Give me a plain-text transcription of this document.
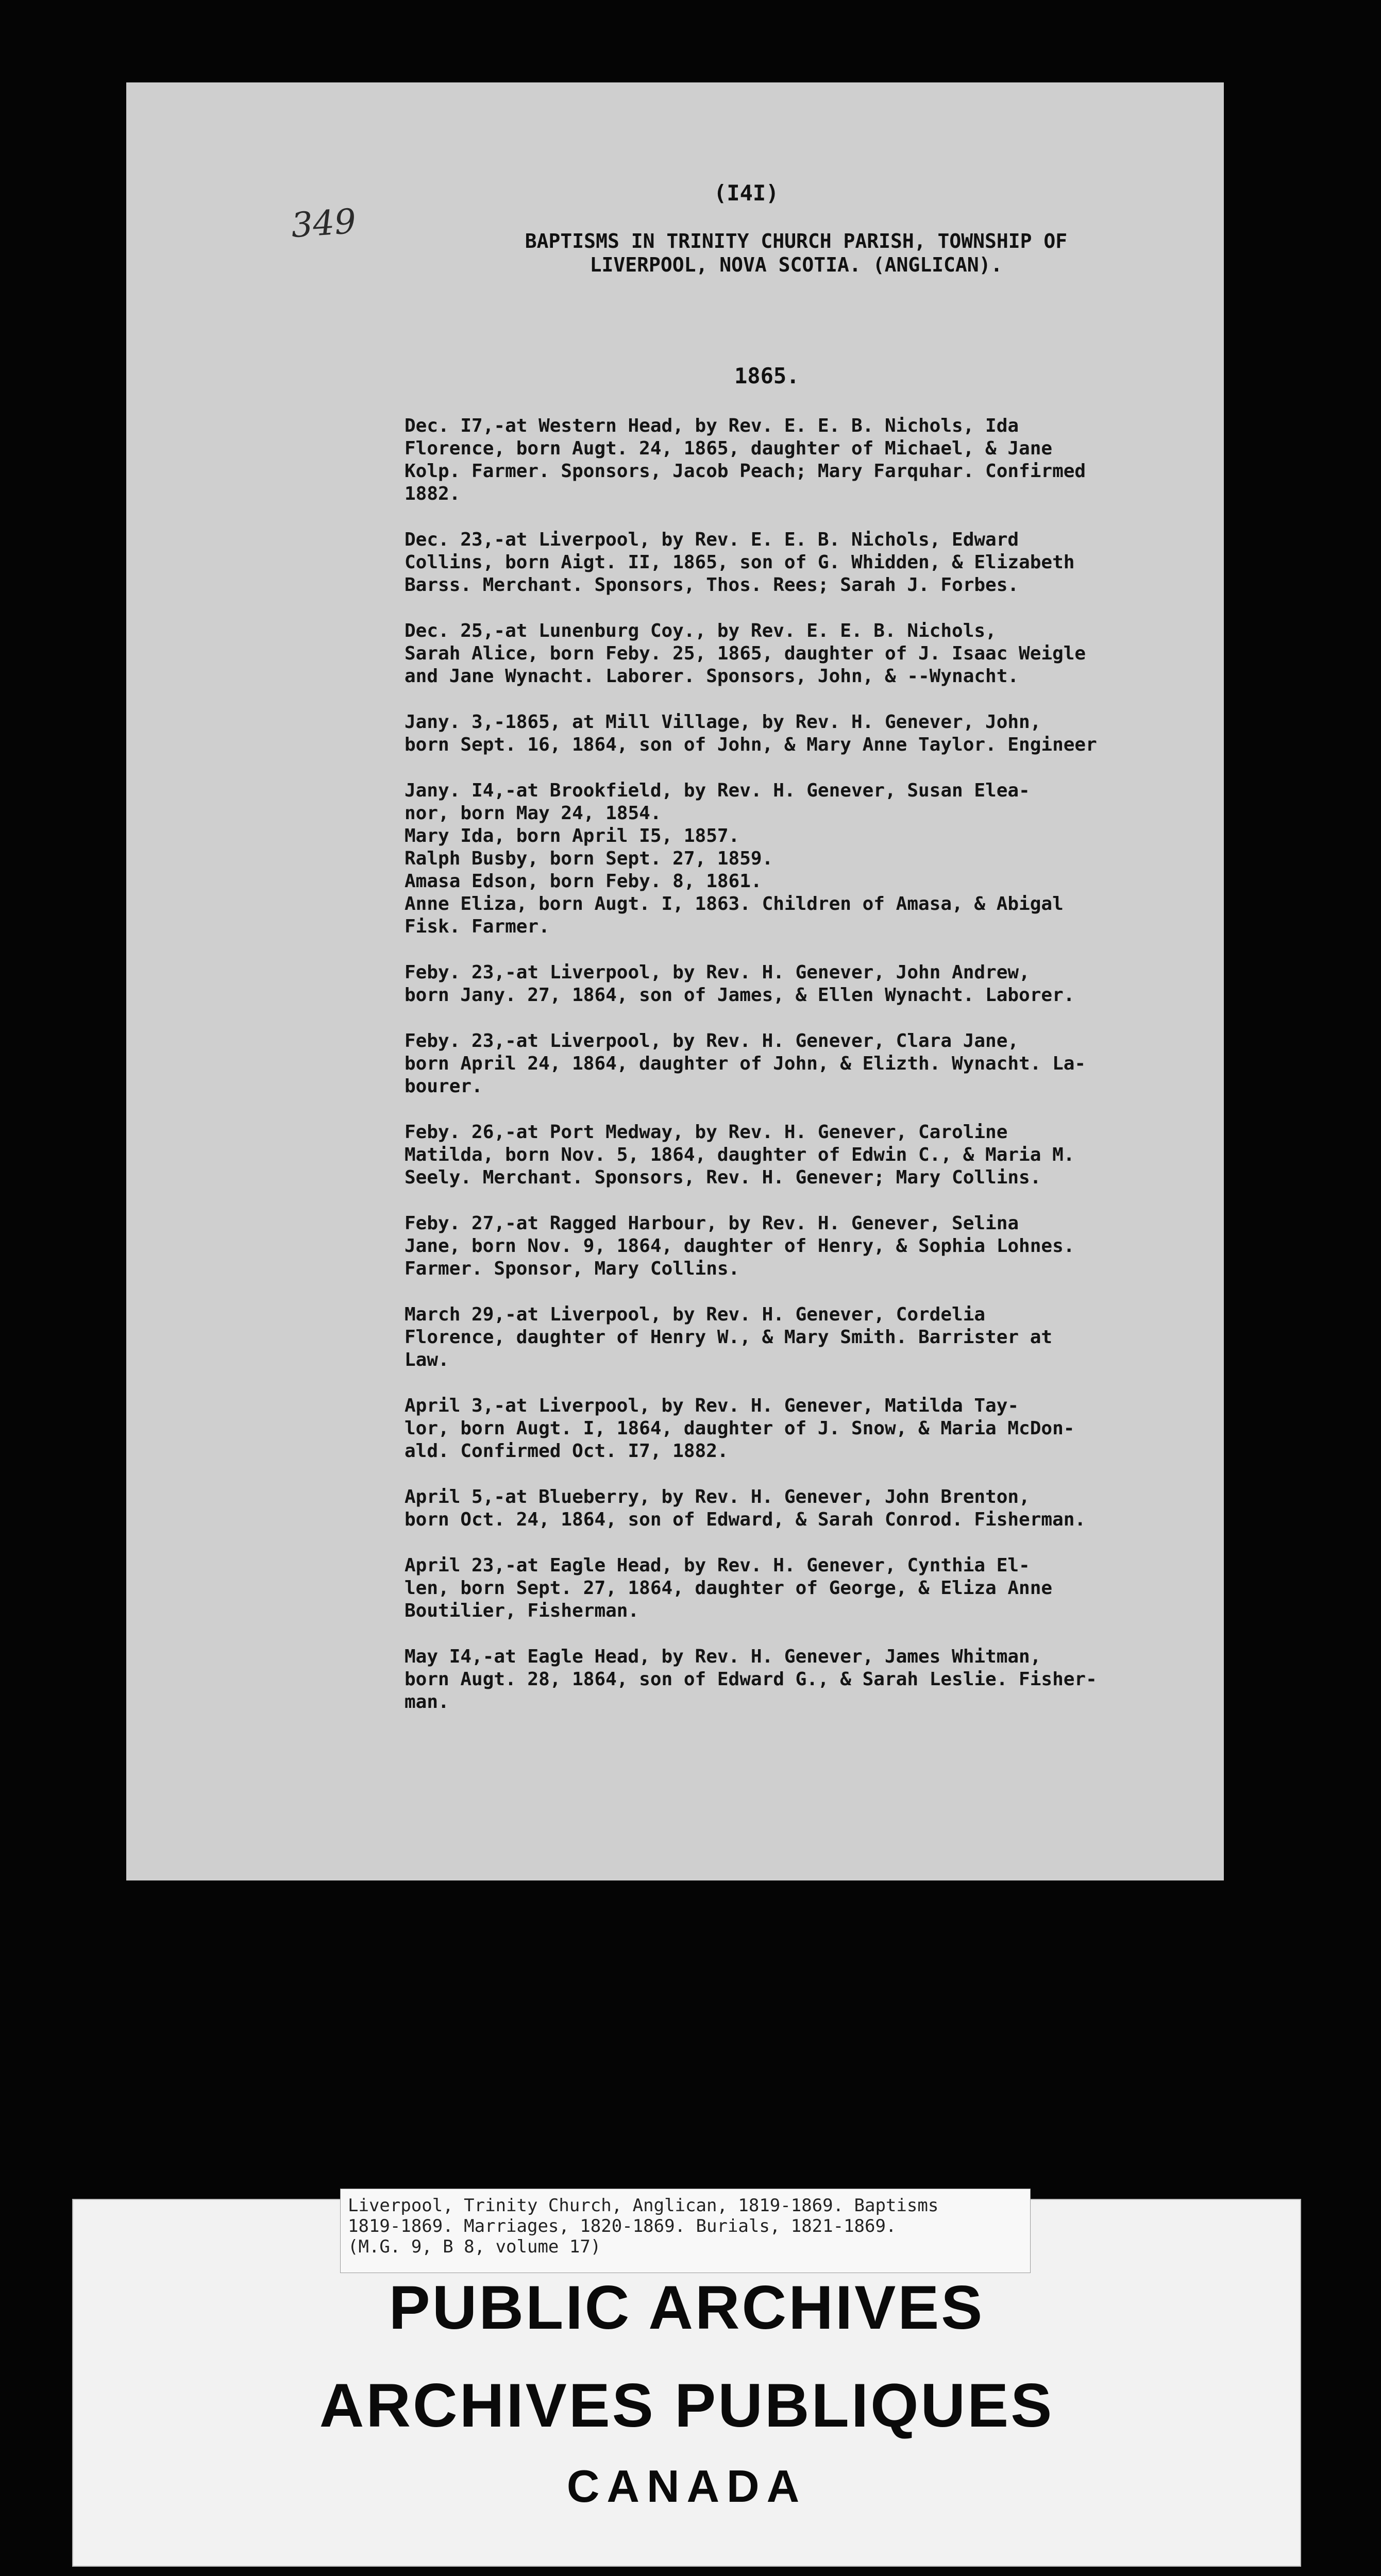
349
(I4I)
BAPTISMS IN TRINITY CHURCH PARISH, TOWNSHIP OF
LIVERPOOL, NOVA SCOTIA. (ANGLICAN).
1865.
Dec. I7,-at Western Head, by Rev. E. E. B. Nichols, Ida
Florence, born Augt. 24, 1865, daughter of Michael, & Jane
Kolp. Farmer. Sponsors, Jacob Peach; Mary Farquhar. Confirmed
1882.
Dec. 23,-at Liverpool, by Rev. E. E. B. Nichols, Edward
Collins, born Aigt. II, 1865, son of G. Whidden, & Elizabeth
Barss. Merchant. Sponsors, Thos. Rees; Sarah J. Forbes.
Dec. 25,-at Lunenburg Coy., by Rev. E. E. B. Nichols,
Sarah Alice, born Feby. 25, 1865, daughter of J. Isaac Weigle
and Jane Wynacht. Laborer. Sponsors, John, & --Wynacht.
Jany. 3,-1865, at Mill Village, by Rev. H. Genever, John,
born Sept. 16, 1864, son of John, & Mary Anne Taylor. Engineer
Jany. I4,-at Brookfield, by Rev. H. Genever, Susan Elea-
nor, born May 24, 1854.
Mary Ida, born April I5, 1857.
Ralph Busby, born Sept. 27, 1859.
Amasa Edson, born Feby. 8, 1861.
Anne Eliza, born Augt. I, 1863. Children of Amasa, & Abigal
Fisk. Farmer.
Feby. 23,-at Liverpool, by Rev. H. Genever, John Andrew,
born Jany. 27, 1864, son of James, & Ellen Wynacht. Laborer.
Feby. 23,-at Liverpool, by Rev. H. Genever, Clara Jane,
born April 24, 1864, daughter of John, & Elizth. Wynacht. La-
bourer.
Feby. 26,-at Port Medway, by Rev. H. Genever, Caroline
Matilda, born Nov. 5, 1864, daughter of Edwin C., & Maria M.
Seely. Merchant. Sponsors, Rev. H. Genever; Mary Collins.
Feby. 27,-at Ragged Harbour, by Rev. H. Genever, Selina
Jane, born Nov. 9, 1864, daughter of Henry, & Sophia Lohnes.
Farmer. Sponsor, Mary Collins.
March 29,-at Liverpool, by Rev. H. Genever, Cordelia
Florence, daughter of Henry W., & Mary Smith. Barrister at
Law.
April 3,-at Liverpool, by Rev. H. Genever, Matilda Tay-
lor, born Augt. I, 1864, daughter of J. Snow, & Maria McDon-
ald. Confirmed Oct. I7, 1882.
April 5,-at Blueberry, by Rev. H. Genever, John Brenton,
born Oct. 24, 1864, son of Edward, & Sarah Conrod. Fisherman.
April 23,-at Eagle Head, by Rev. H. Genever, Cynthia El-
len, born Sept. 27, 1864, daughter of George, & Eliza Anne
Boutilier, Fisherman.
May I4,-at Eagle Head, by Rev. H. Genever, James Whitman,
born Augt. 28, 1864, son of Edward G., & Sarah Leslie. Fisher-
man.
Liverpool, Trinity Church, Anglican, 1819-1869. Baptisms
1819-1869. Marriages, 1820-1869. Burials, 1821-1869.
(M.G. 9, B 8, volume 17)
PUBLIC ARCHIVES
ARCHIVES PUBLIQUES
CANADA
